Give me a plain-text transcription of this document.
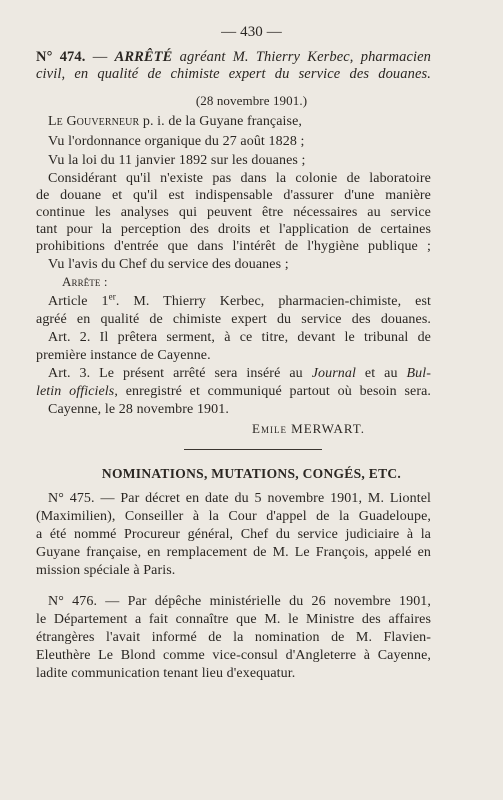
— 430 —
N° 474. — ARRÊTÉ agréant M. Thierry Kerbec, pharmacien
civil, en qualité de chimiste expert du service des douanes.
(28 novembre 1901.)
Le Gouverneur p. i. de la Guyane française,
Vu l'ordonnance organique du 27 août 1828 ;
Vu la loi du 11 janvier 1892 sur les douanes ;
Considérant qu'il n'existe pas dans la colonie de laboratoire
de douane et qu'il est indispensable d'assurer d'une manière
continue les analyses qui peuvent être nécessaires au service
tant pour la perception des droits et l'application de certaines
prohibitions d'entrée que dans l'intérêt de l'hygiène publique ;
Vu l'avis du Chef du service des douanes ;
Arrête :
Article 1er. M. Thierry Kerbec, pharmacien-chimiste, est
agréé en qualité de chimiste expert du service des douanes.
Art. 2. Il prêtera serment, à ce titre, devant le tribunal de
première instance de Cayenne.
Art. 3. Le présent arrêté sera inséré au Journal et au Bul-
letin officiels, enregistré et communiqué partout où besoin sera.
Cayenne, le 28 novembre 1901.
Emile MERWART.
NOMINATIONS, MUTATIONS, CONGÉS, ETC.
N° 475. — Par décret en date du 5 novembre 1901, M. Liontel
(Maximilien), Conseiller à la Cour d'appel de la Guadeloupe,
a été nommé Procureur général, Chef du service judiciaire à la
Guyane française, en remplacement de M. Le François, appelé en
mission spéciale à Paris.
N° 476. — Par dépêche ministérielle du 26 novembre 1901,
le Département a fait connaître que M. le Ministre des affaires
étrangères l'avait informé de la nomination de M. Flavien-
Eleuthère Le Blond comme vice-consul d'Angleterre à Cayenne,
ladite communication tenant lieu d'exequatur.
